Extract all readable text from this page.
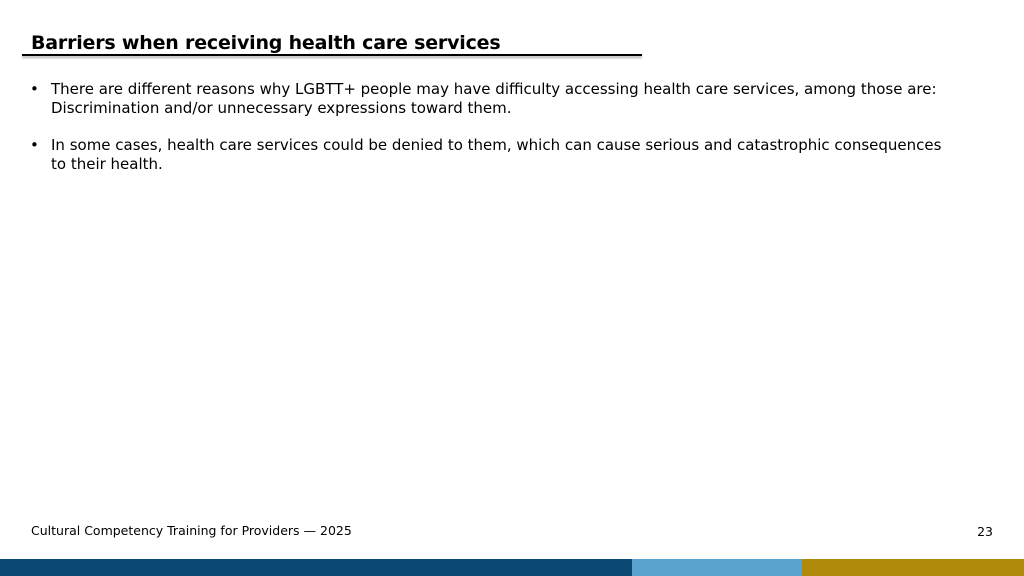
Barriers when receiving health care services
• There are different reasons why LGBTT+ people may have difficulty accessing health care services, among those are: Discrimination and/or unnecessary expressions toward them.
• In some cases, health care services could be denied to them, which can cause serious and catastrophic consequences to their health.
Cultural Competency Training for Providers — 2025	23
